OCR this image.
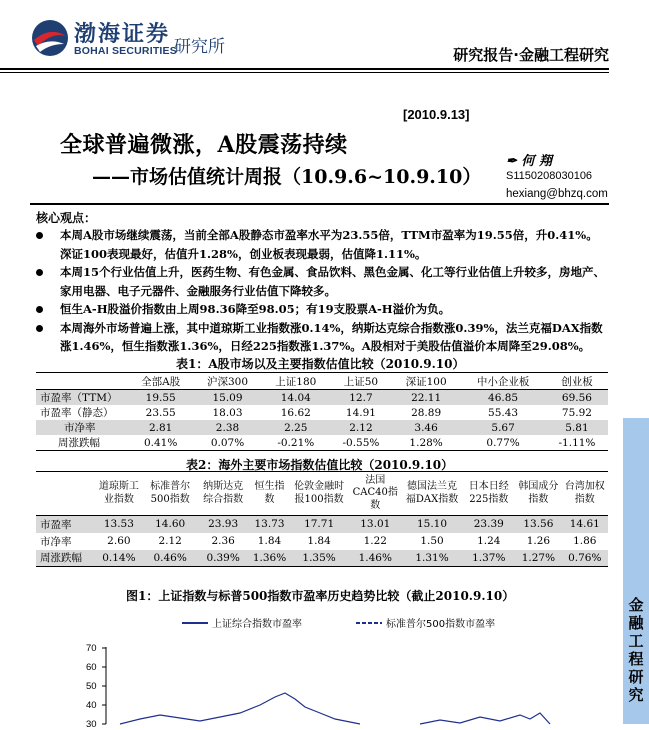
渤海证券
BOHAI SECURITIES
研究所	研究报告·金融工程研究
[2010.9.13]
全球普遍微涨，A股震荡持续
——市场估值统计周报（10.9.6~10.9.10）
✒ 何 翔
S1150208030106
hexiang@bhzq.com
核心观点：
本周A股市场继续震荡，当前全部A股静态市盈率水平为23.55倍，TTM市盈率为19.55倍，升0.41%。深证100表现最好，估值升1.28%，创业板表现最弱，估值降1.11%。
本周15个行业估值上升，医药生物、有色金属、食品饮料、黑色金属、化工等行业估值上升较多，房地产、家用电器、电子元器件、金融服务行业估值下降较多。
恒生A-H股溢价指数由上周98.36降至98.05；有19支股票A-H溢价为负。
本周海外市场普遍上涨，其中道琼斯工业指数涨0.14%，纳斯达克综合指数涨0.39%，法兰克福DAX指数涨1.46%，恒生指数涨1.36%，日经225指数涨1.37%。A股相对于美股估值溢价本周降至29.08%。
表1：A股市场以及主要指数估值比较（2010.9.10）
	全部A股	沪深300	上证180	上证50	深证100	中小企业板	创业板
市盈率（TTM）	19.55	15.09	14.04	12.7	22.11	46.85	69.56
市盈率（静态）	23.55	18.03	16.62	14.91	28.89	55.43	75.92
市净率	2.81	2.38	2.25	2.12	3.46	5.67	5.81
周涨跌幅	0.41%	0.07%	-0.21%	-0.55%	1.28%	0.77%	-1.11%
表2：海外主要市场指数估值比较（2010.9.10）
	道琼斯工业指数	标准普尔500指数	纳斯达克综合指数	恒生指数	伦敦金融时报100指数	法国CAC40指数	德国法兰克福DAX指数	日本日经225指数	韩国成分指数	台湾加权指数
市盈率	13.53	14.60	23.93	13.73	17.71	13.01	15.10	23.39	13.56	14.61
市净率	2.60	2.12	2.36	1.84	1.84	1.22	1.50	1.24	1.26	1.86
周涨跌幅	0.14%	0.46%	0.39%	1.36%	1.35%	1.46%	1.31%	1.37%	1.27%	0.76%
图1：上证指数与标普500指数市盈率历史趋势比较（截止2010.9.10）
上证综合指数市盈率	标准普尔500指数市盈率
70
60
50
40
30
金融工程研究
